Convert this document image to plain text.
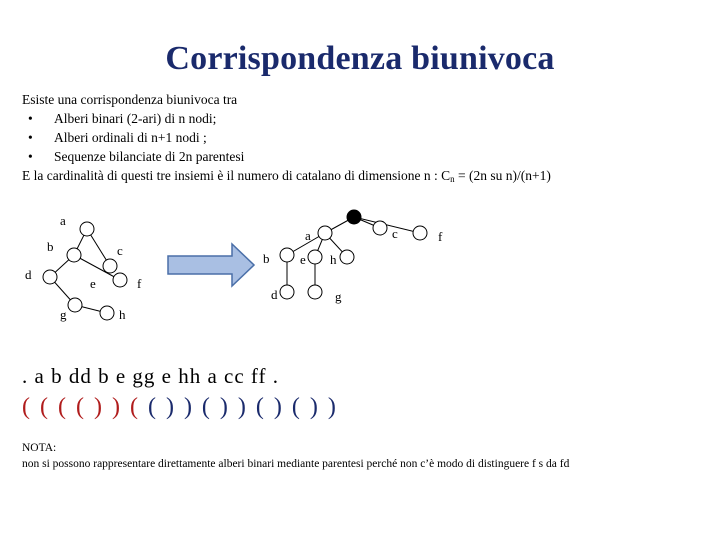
Corrispondenza biunivoca
Esiste una corrispondenza biunivoca tra
• Alberi binari (2-ari) di n nodi;
• Alberi ordinali di n+1 nodi ;
• Sequenze bilanciate di 2n parentesi
E la cardinalità di questi tre insiemi è il numero di catalano di dimensione n : $C_n = (2n$ su n)/(n+1)
a
b	c
d
e	f
g	h
a	c	f
b e h
d	g
. a b dd b e gg e hh a cc ff .
( ( ( ( ) ) ( ( ) ) ( ) ) ( ) ( ) )
NOTA:
non si possono rappresentare direttamente alberi binari mediante parentesi perché non c’è modo di distinguere f s da fd
